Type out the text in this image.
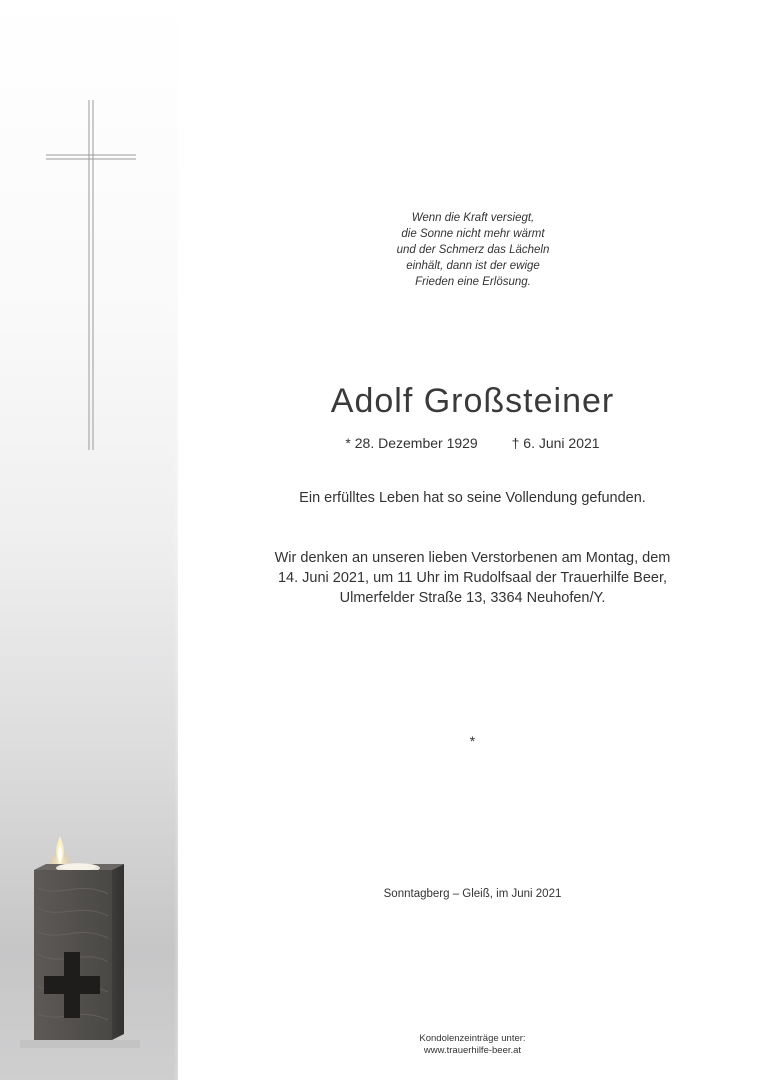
Wenn die Kraft versiegt,
die Sonne nicht mehr wärmt
und der Schmerz das Lächeln
einhält, dann ist der ewige
Frieden eine Erlösung.
Adolf Großsteiner
* 28. Dezember 1929 † 6. Juni 2021
Ein erfülltes Leben hat so seine Vollendung gefunden.
Wir denken an unseren lieben Verstorbenen am Montag, dem
14. Juni 2021, um 11 Uhr im Rudolfsaal der Trauerhilfe Beer,
Ulmerfelder Straße 13, 3364 Neuhofen/Y.
*
Sonntagberg – Gleiß, im Juni 2021
Kondolenzeinträge unter:
www.trauerhilfe-beer.at
